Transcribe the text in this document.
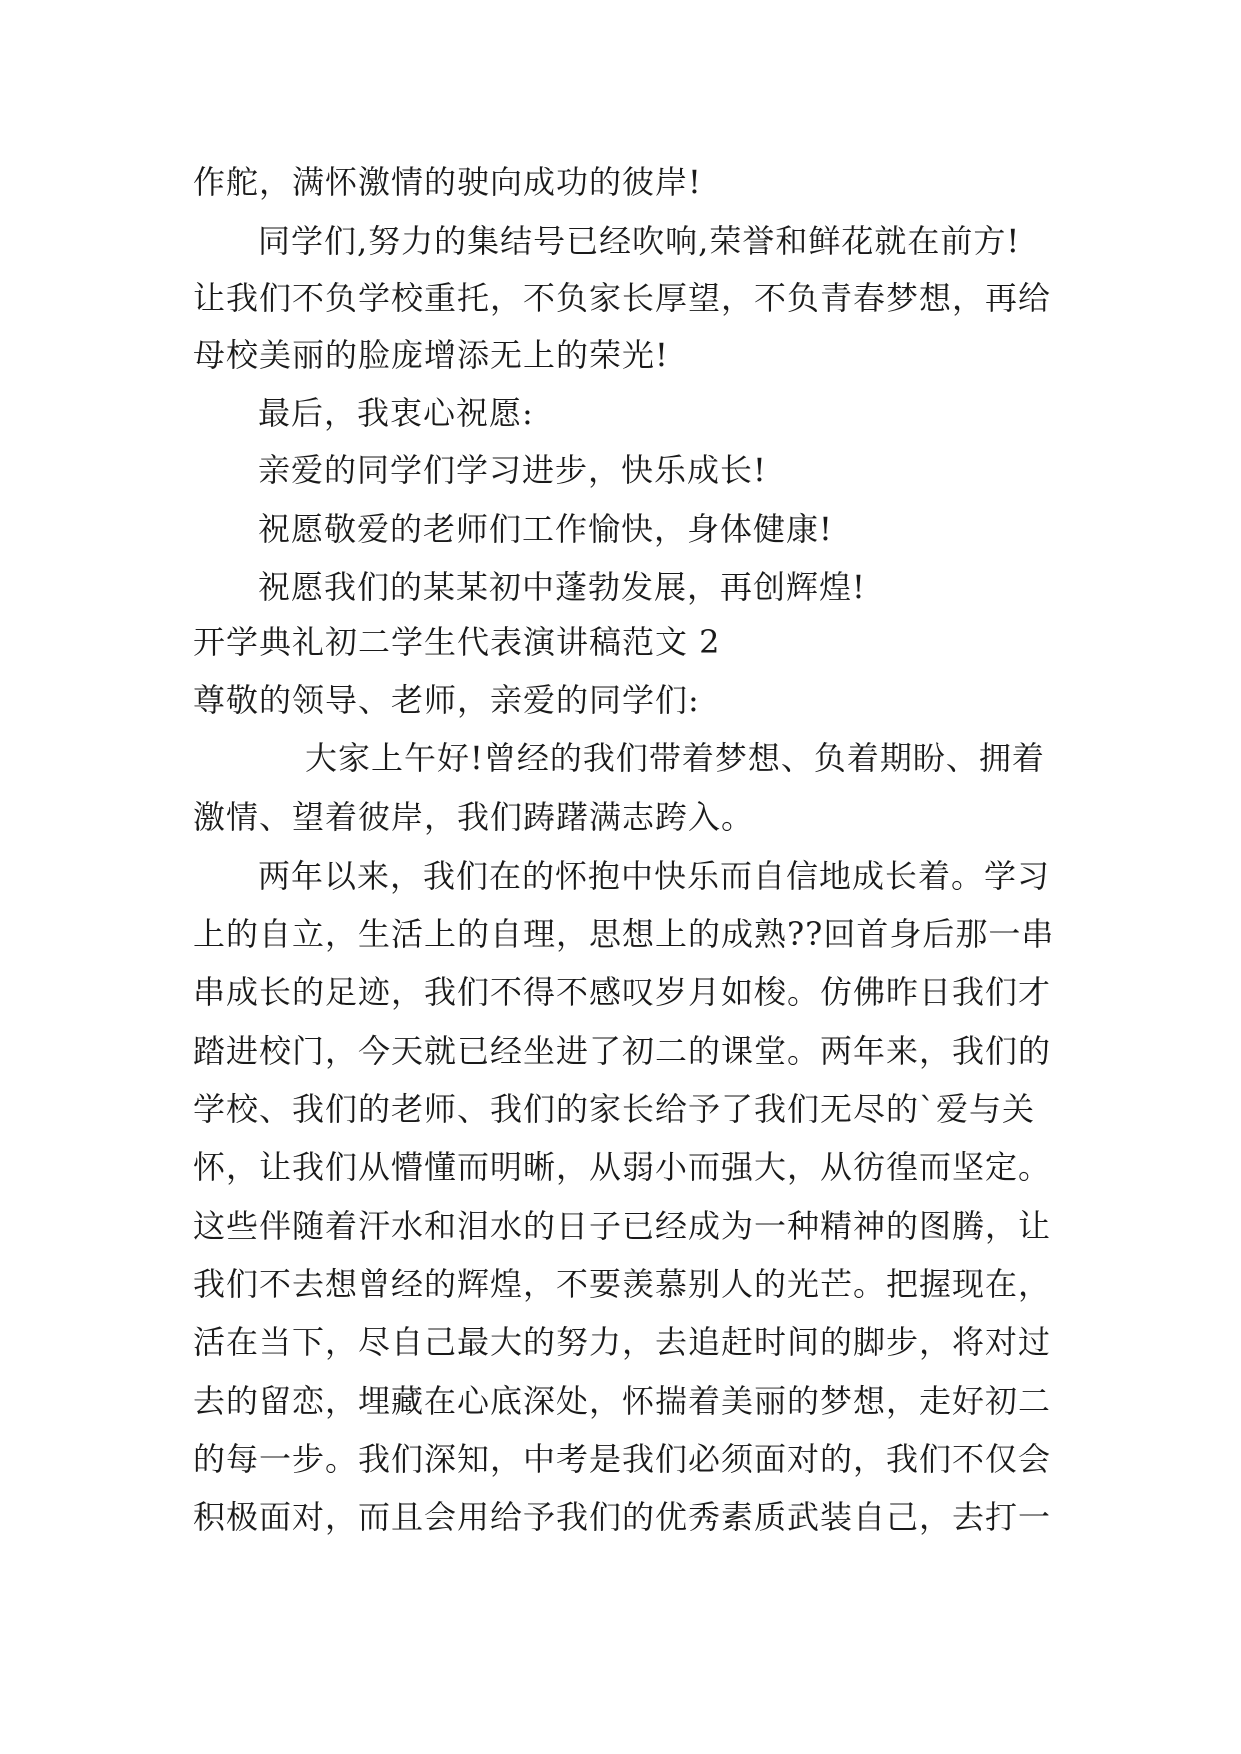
作舵，满怀激情的驶向成功的彼岸!
同学们,努力的集结号已经吹响,荣誉和鲜花就在前方!
让我们不负学校重托，不负家长厚望，不负青春梦想，再给
母校美丽的脸庞增添无上的荣光!
最后，我衷心祝愿:
亲爱的同学们学习进步，快乐成长!
祝愿敬爱的老师们工作愉快，身体健康!
祝愿我们的某某初中蓬勃发展，再创辉煌!
开学典礼初二学生代表演讲稿范文 2
尊敬的领导、老师，亲爱的同学们:
大家上午好!曾经的我们带着梦想、负着期盼、拥着
激情、望着彼岸，我们踌躇满志跨入。
两年以来，我们在的怀抱中快乐而自信地成长着。学习
上的自立，生活上的自理，思想上的成熟??回首身后那一串
串成长的足迹，我们不得不感叹岁月如梭。仿佛昨日我们才
踏进校门，今天就已经坐进了初二的课堂。两年来，我们的
学校、我们的老师、我们的家长给予了我们无尽的`爱与关
怀，让我们从懵懂而明晰，从弱小而强大，从彷徨而坚定。
这些伴随着汗水和泪水的日子已经成为一种精神的图腾，让
我们不去想曾经的辉煌，不要羡慕别人的光芒。把握现在，
活在当下，尽自己最大的努力，去追赶时间的脚步，将对过
去的留恋，埋藏在心底深处，怀揣着美丽的梦想，走好初二
的每一步。我们深知，中考是我们必须面对的，我们不仅会
积极面对，而且会用给予我们的优秀素质武装自己，去打一
